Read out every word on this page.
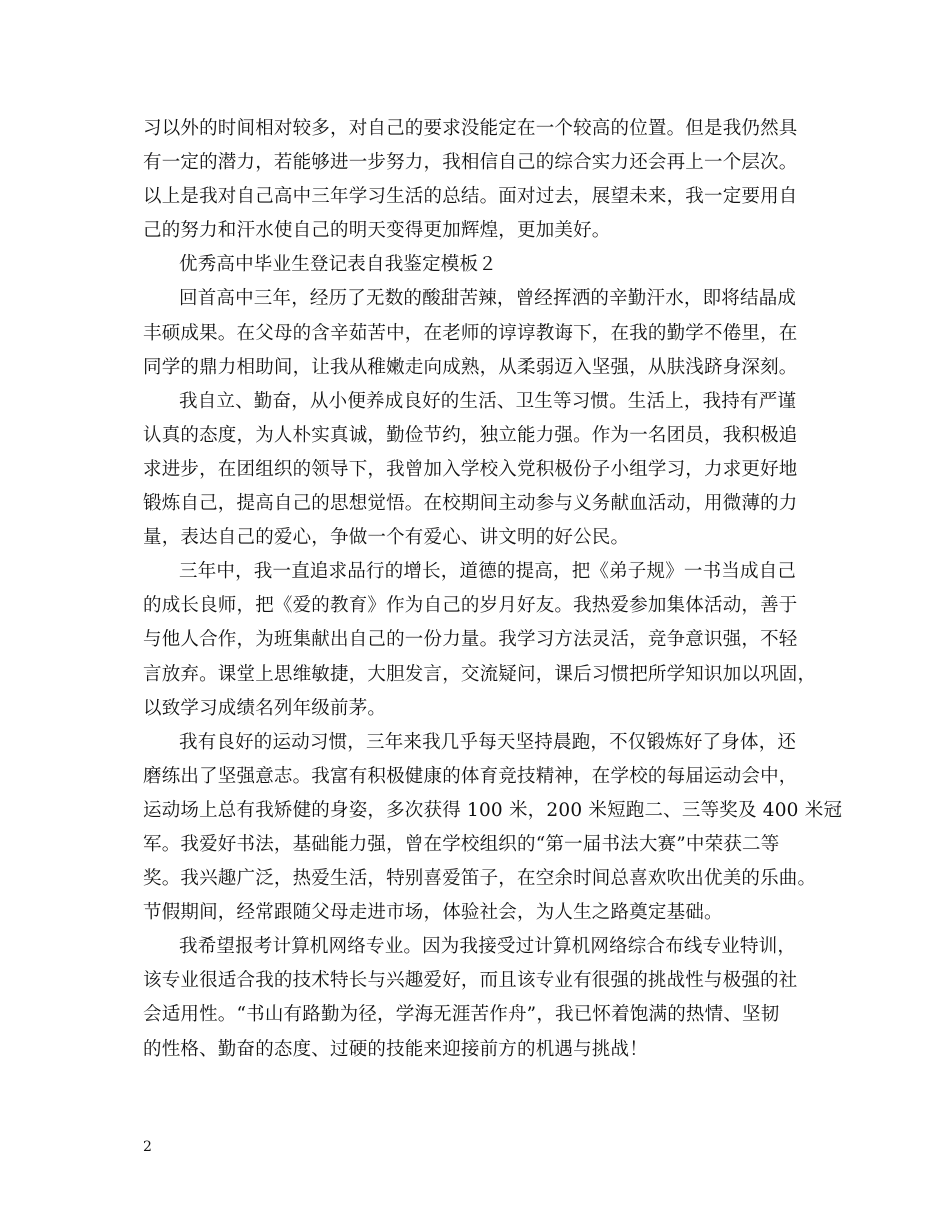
习以外的时间相对较多，对自己的要求没能定在一个较高的位置。但是我仍然具
有一定的潜力，若能够进一步努力，我相信自己的综合实力还会再上一个层次。
以上是我对自己高中三年学习生活的总结。面对过去，展望未来，我一定要用自
己的努力和汗水使自己的明天变得更加辉煌，更加美好。
优秀高中毕业生登记表自我鉴定模板２
回首高中三年，经历了无数的酸甜苦辣，曾经挥洒的辛勤汗水，即将结晶成
丰硕成果。在父母的含辛茹苦中，在老师的谆谆教诲下，在我的勤学不倦里，在
同学的鼎力相助间，让我从稚嫩走向成熟，从柔弱迈入坚强，从肤浅跻身深刻。
我自立、勤奋，从小便养成良好的生活、卫生等习惯。生活上，我持有严谨
认真的态度，为人朴实真诚，勤俭节约，独立能力强。作为一名团员，我积极追
求进步，在团组织的领导下，我曾加入学校入党积极份子小组学习，力求更好地
锻炼自己，提高自己的思想觉悟。在校期间主动参与义务献血活动，用微薄的力
量，表达自己的爱心，争做一个有爱心、讲文明的好公民。
三年中，我一直追求品行的增长，道德的提高，把《弟子规》一书当成自己
的成长良师，把《爱的教育》作为自己的岁月好友。我热爱参加集体活动，善于
与他人合作，为班集献出自己的一份力量。我学习方法灵活，竞争意识强，不轻
言放弃。课堂上思维敏捷，大胆发言，交流疑问，课后习惯把所学知识加以巩固，
以致学习成绩名列年级前茅。
我有良好的运动习惯，三年来我几乎每天坚持晨跑，不仅锻炼好了身体，还
磨练出了坚强意志。我富有积极健康的体育竞技精神，在学校的每届运动会中，
运动场上总有我矫健的身姿，多次获得 100 米，200 米短跑二、三等奖及 400 米冠
军。我爱好书法，基础能力强，曾在学校组织的“第一届书法大赛”中荣获二等
奖。我兴趣广泛，热爱生活，特别喜爱笛子，在空余时间总喜欢吹出优美的乐曲。
节假期间，经常跟随父母走进市场，体验社会，为人生之路奠定基础。
我希望报考计算机网络专业。因为我接受过计算机网络综合布线专业特训，
该专业很适合我的技术特长与兴趣爱好，而且该专业有很强的挑战性与极强的社
会适用性。“书山有路勤为径，学海无涯苦作舟”，我已怀着饱满的热情、坚韧
的性格、勤奋的态度、过硬的技能来迎接前方的机遇与挑战！
2
